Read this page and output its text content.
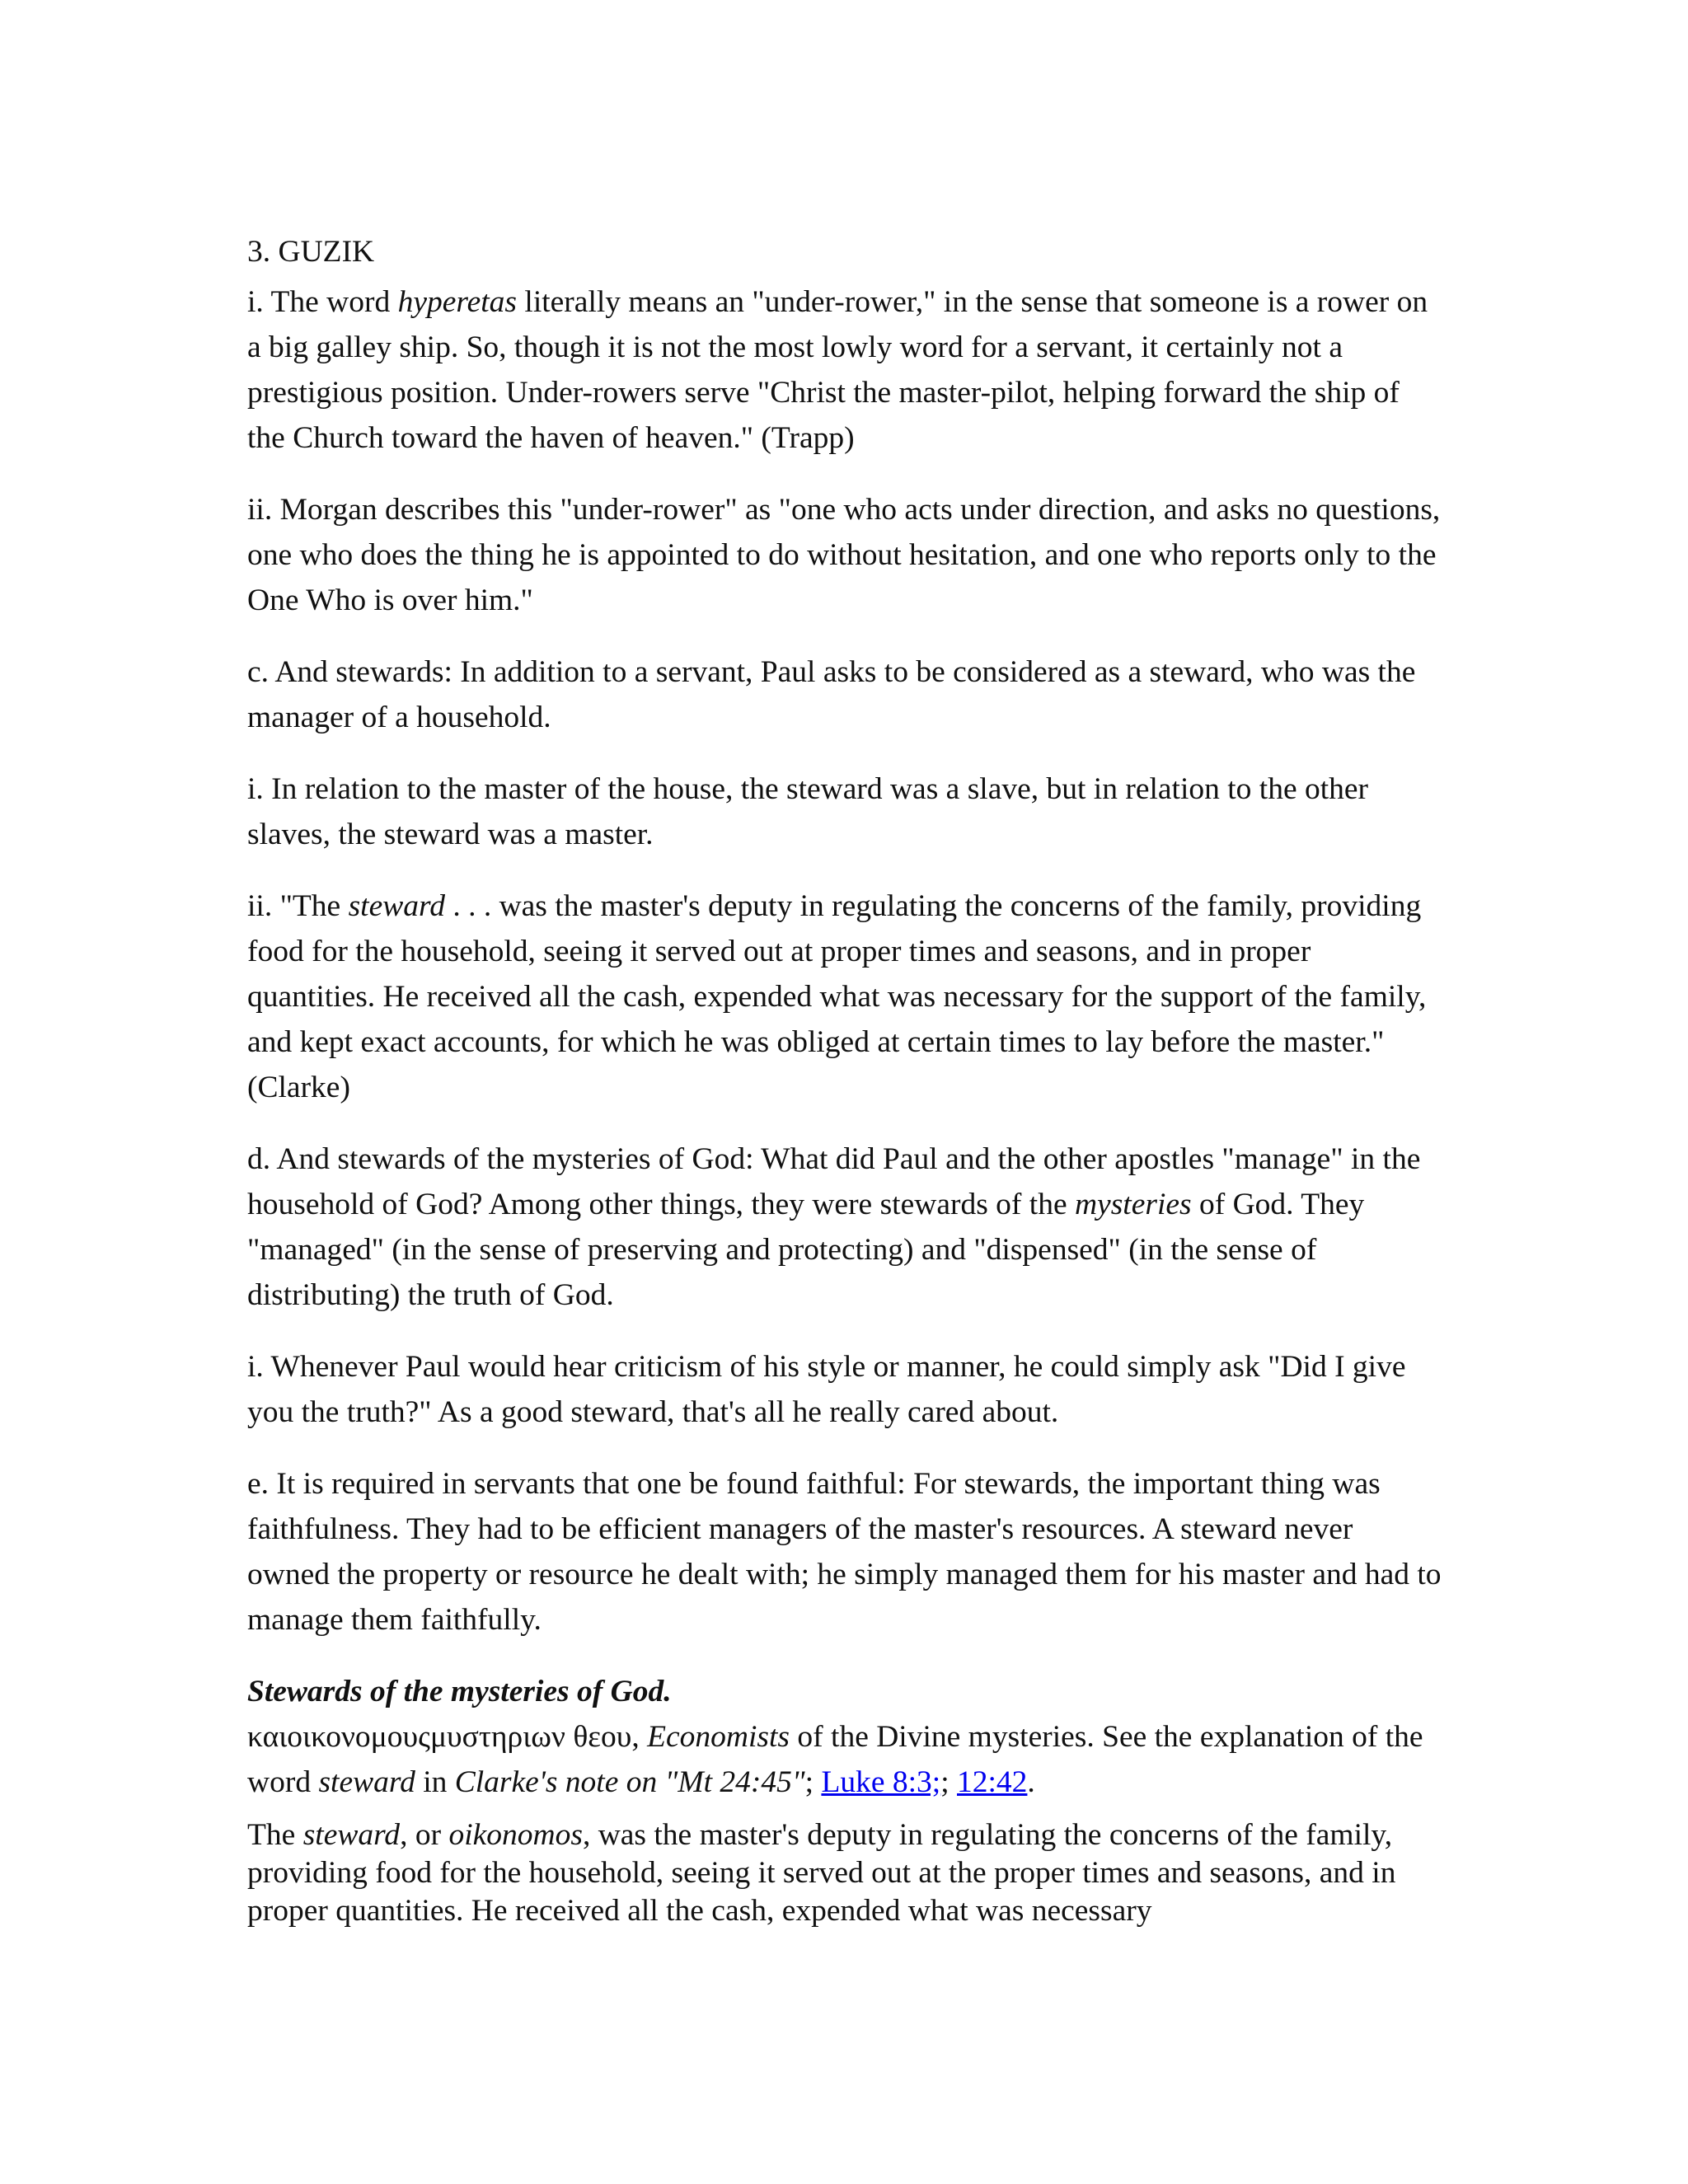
3. GUZIK

i. The word hyperetas literally means an "under-rower," in the sense that someone is a rower on a big galley ship. So, though it is not the most lowly word for a servant, it certainly not a prestigious position. Under-rowers serve "Christ the master-pilot, helping forward the ship of the Church toward the haven of heaven." (Trapp)

ii. Morgan describes this "under-rower" as "one who acts under direction, and asks no questions, one who does the thing he is appointed to do without hesitation, and one who reports only to the One Who is over him."

c. And stewards: In addition to a servant, Paul asks to be considered as a steward, who was the manager of a household.

i. In relation to the master of the house, the steward was a slave, but in relation to the other slaves, the steward was a master.

ii. "The steward . . . was the master's deputy in regulating the concerns of the family, providing food for the household, seeing it served out at proper times and seasons, and in proper quantities. He received all the cash, expended what was necessary for the support of the family, and kept exact accounts, for which he was obliged at certain times to lay before the master." (Clarke)

d. And stewards of the mysteries of God: What did Paul and the other apostles "manage" in the household of God? Among other things, they were stewards of the mysteries of God. They "managed" (in the sense of preserving and protecting) and "dispensed" (in the sense of distributing) the truth of God.

i. Whenever Paul would hear criticism of his style or manner, he could simply ask "Did I give you the truth?" As a good steward, that's all he really cared about.

e. It is required in servants that one be found faithful: For stewards, the important thing was faithfulness. They had to be efficient managers of the master's resources. A steward never owned the property or resource he dealt with; he simply managed them for his master and had to manage them faithfully.

Stewards of the mysteries of God.

καιοικονομουςμυστηριων θεου, Economists of the Divine mysteries. See the explanation of the word steward in Clarke's note on "Mt 24:45"; Luke 8:3;; 12:42.

The steward, or oikonomos, was the master's deputy in regulating the concerns of the family, providing food for the household, seeing it served out at the proper times and seasons, and in proper quantities. He received all the cash, expended what was necessary
